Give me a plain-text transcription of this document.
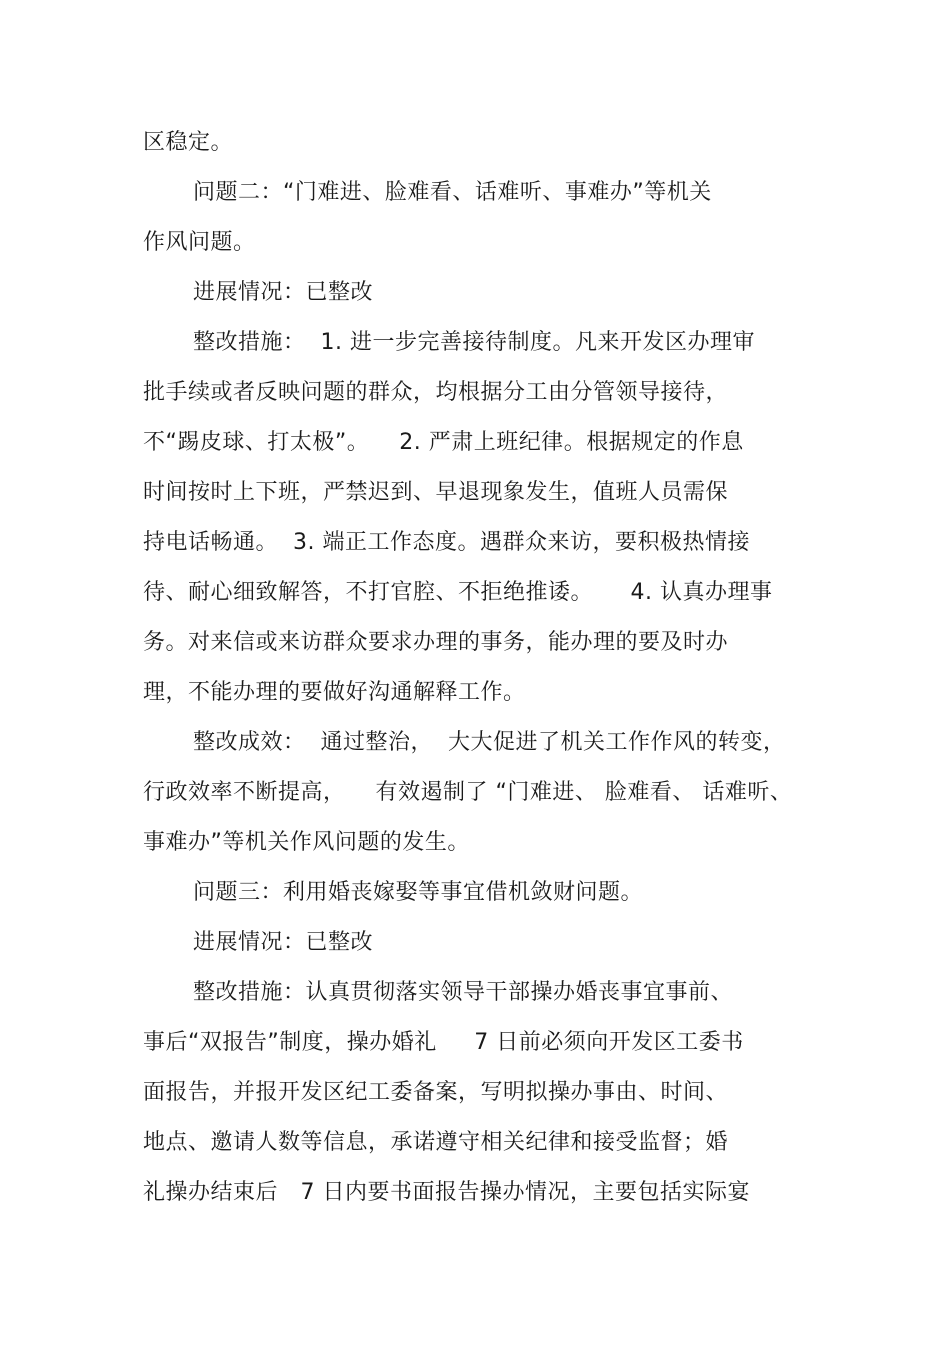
区稳定。

问题二：“门难进、脸难看、话难听、事难办”等机关

作风问题。

进展情况：已整改

整改措施：  1. 进一步完善接待制度。凡来开发区办理审

批手续或者反映问题的群众，均根据分工由分管领导接待，

不“踢皮球、打太极”。    2. 严肃上班纪律。根据规定的作息

时间按时上下班，严禁迟到、早退现象发生，值班人员需保

持电话畅通。  3. 端正工作态度。遇群众来访，要积极热情接

待、耐心细致解答，不打官腔、不拒绝推诿。     4. 认真办理事

务。对来信或来访群众要求办理的事务，能办理的要及时办

理，不能办理的要做好沟通解释工作。

整改成效：  通过整治，  大大促进了机关工作作风的转变，

行政效率不断提高，    有效遏制了 “门难进、 脸难看、 话难听、

事难办”等机关作风问题的发生。

问题三：利用婚丧嫁娶等事宜借机敛财问题。

进展情况：已整改

整改措施：认真贯彻落实领导干部操办婚丧事宜事前、

事后“双报告”制度，操办婚礼     7 日前必须向开发区工委书

面报告，并报开发区纪工委备案，写明拟操办事由、时间、

地点、邀请人数等信息，承诺遵守相关纪律和接受监督；婚

礼操办结束后   7 日内要书面报告操办情况，主要包括实际宴
